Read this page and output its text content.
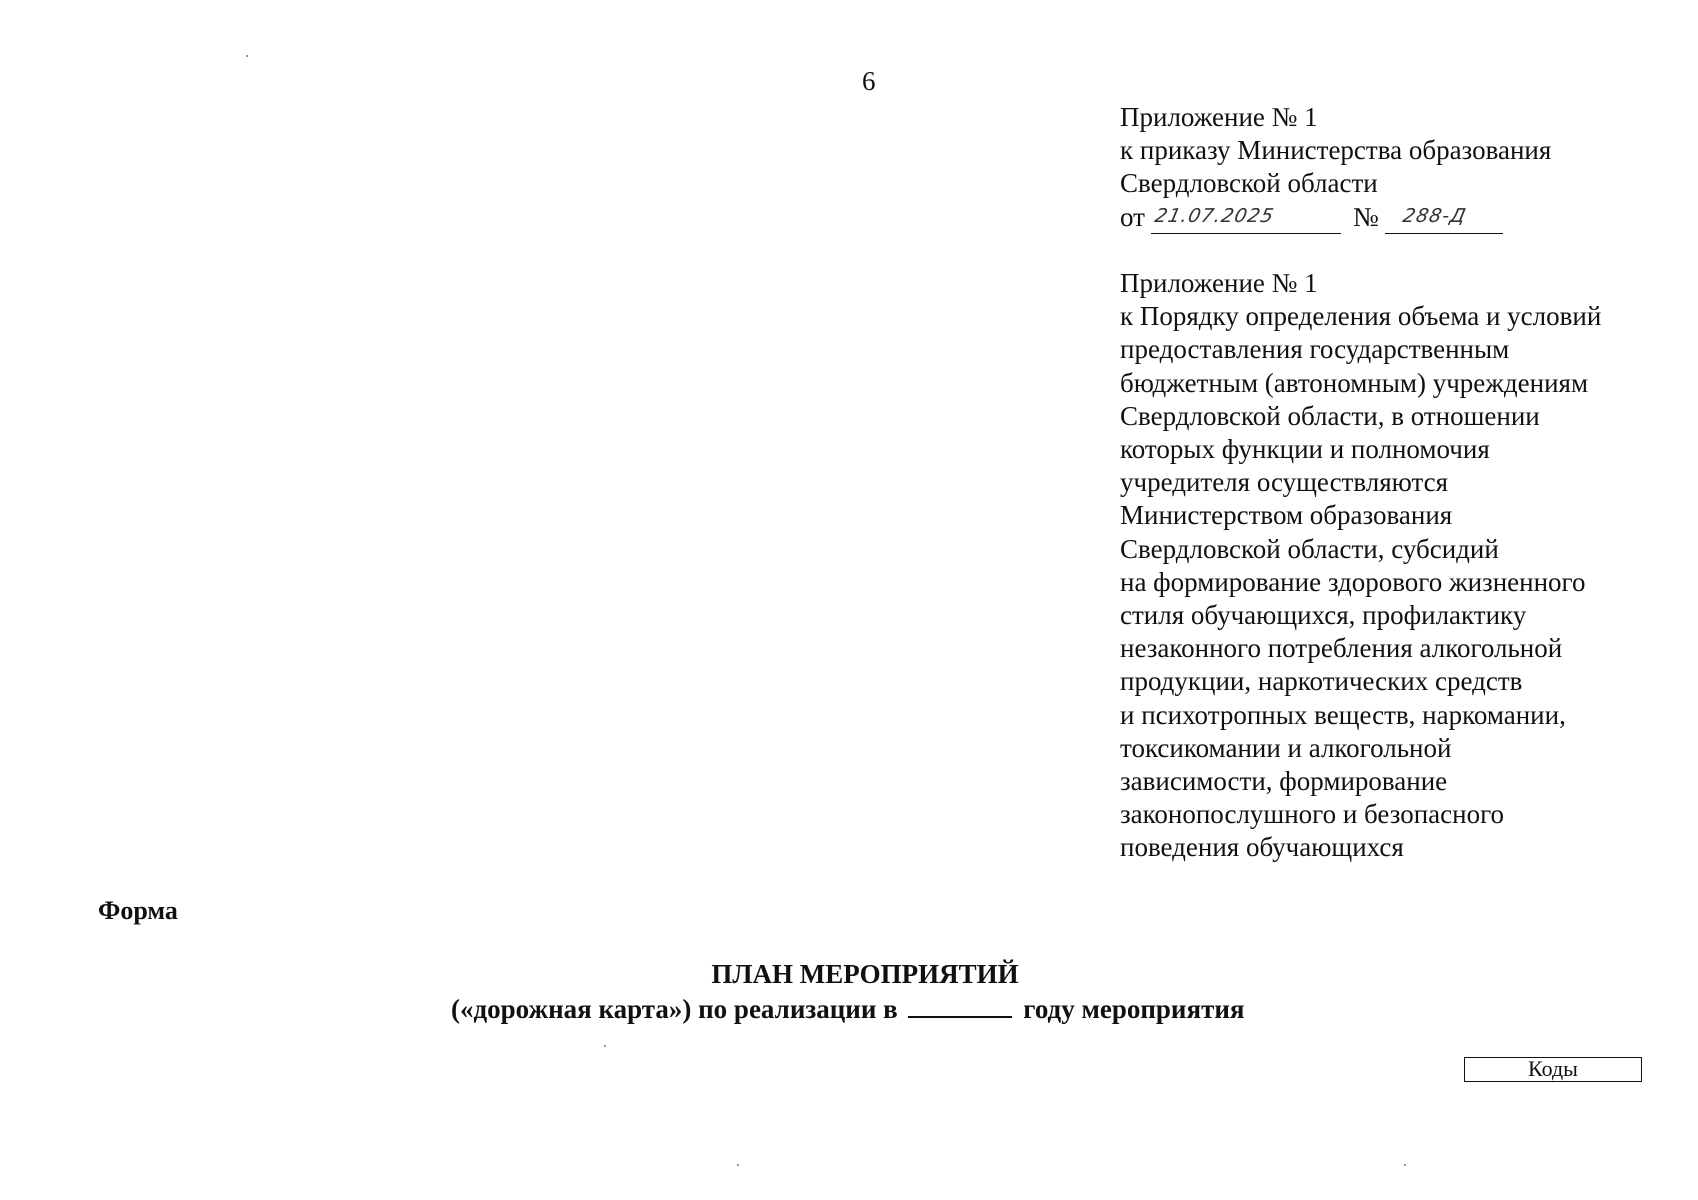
6
Приложение № 1
к приказу Министерства образования
Свердловской области
от 21.07.2025	№ 288-Д
Приложение № 1
к Порядку определения объема и условий
предоставления государственным
бюджетным (автономным) учреждениям
Свердловской области, в отношении
которых функции и полномочия
учредителя осуществляются
Министерством образования
Свердловской области, субсидий
на формирование здорового жизненного
стиля обучающихся, профилактику
незаконного потребления алкогольной
продукции, наркотических средств
и психотропных веществ, наркомании,
токсикомании и алкогольной
зависимости, формирование
законопослушного и безопасного
поведения обучающихся
Форма
ПЛАН МЕРОПРИЯТИЙ
(«дорожная карта») по реализации в	году мероприятия
Коды
